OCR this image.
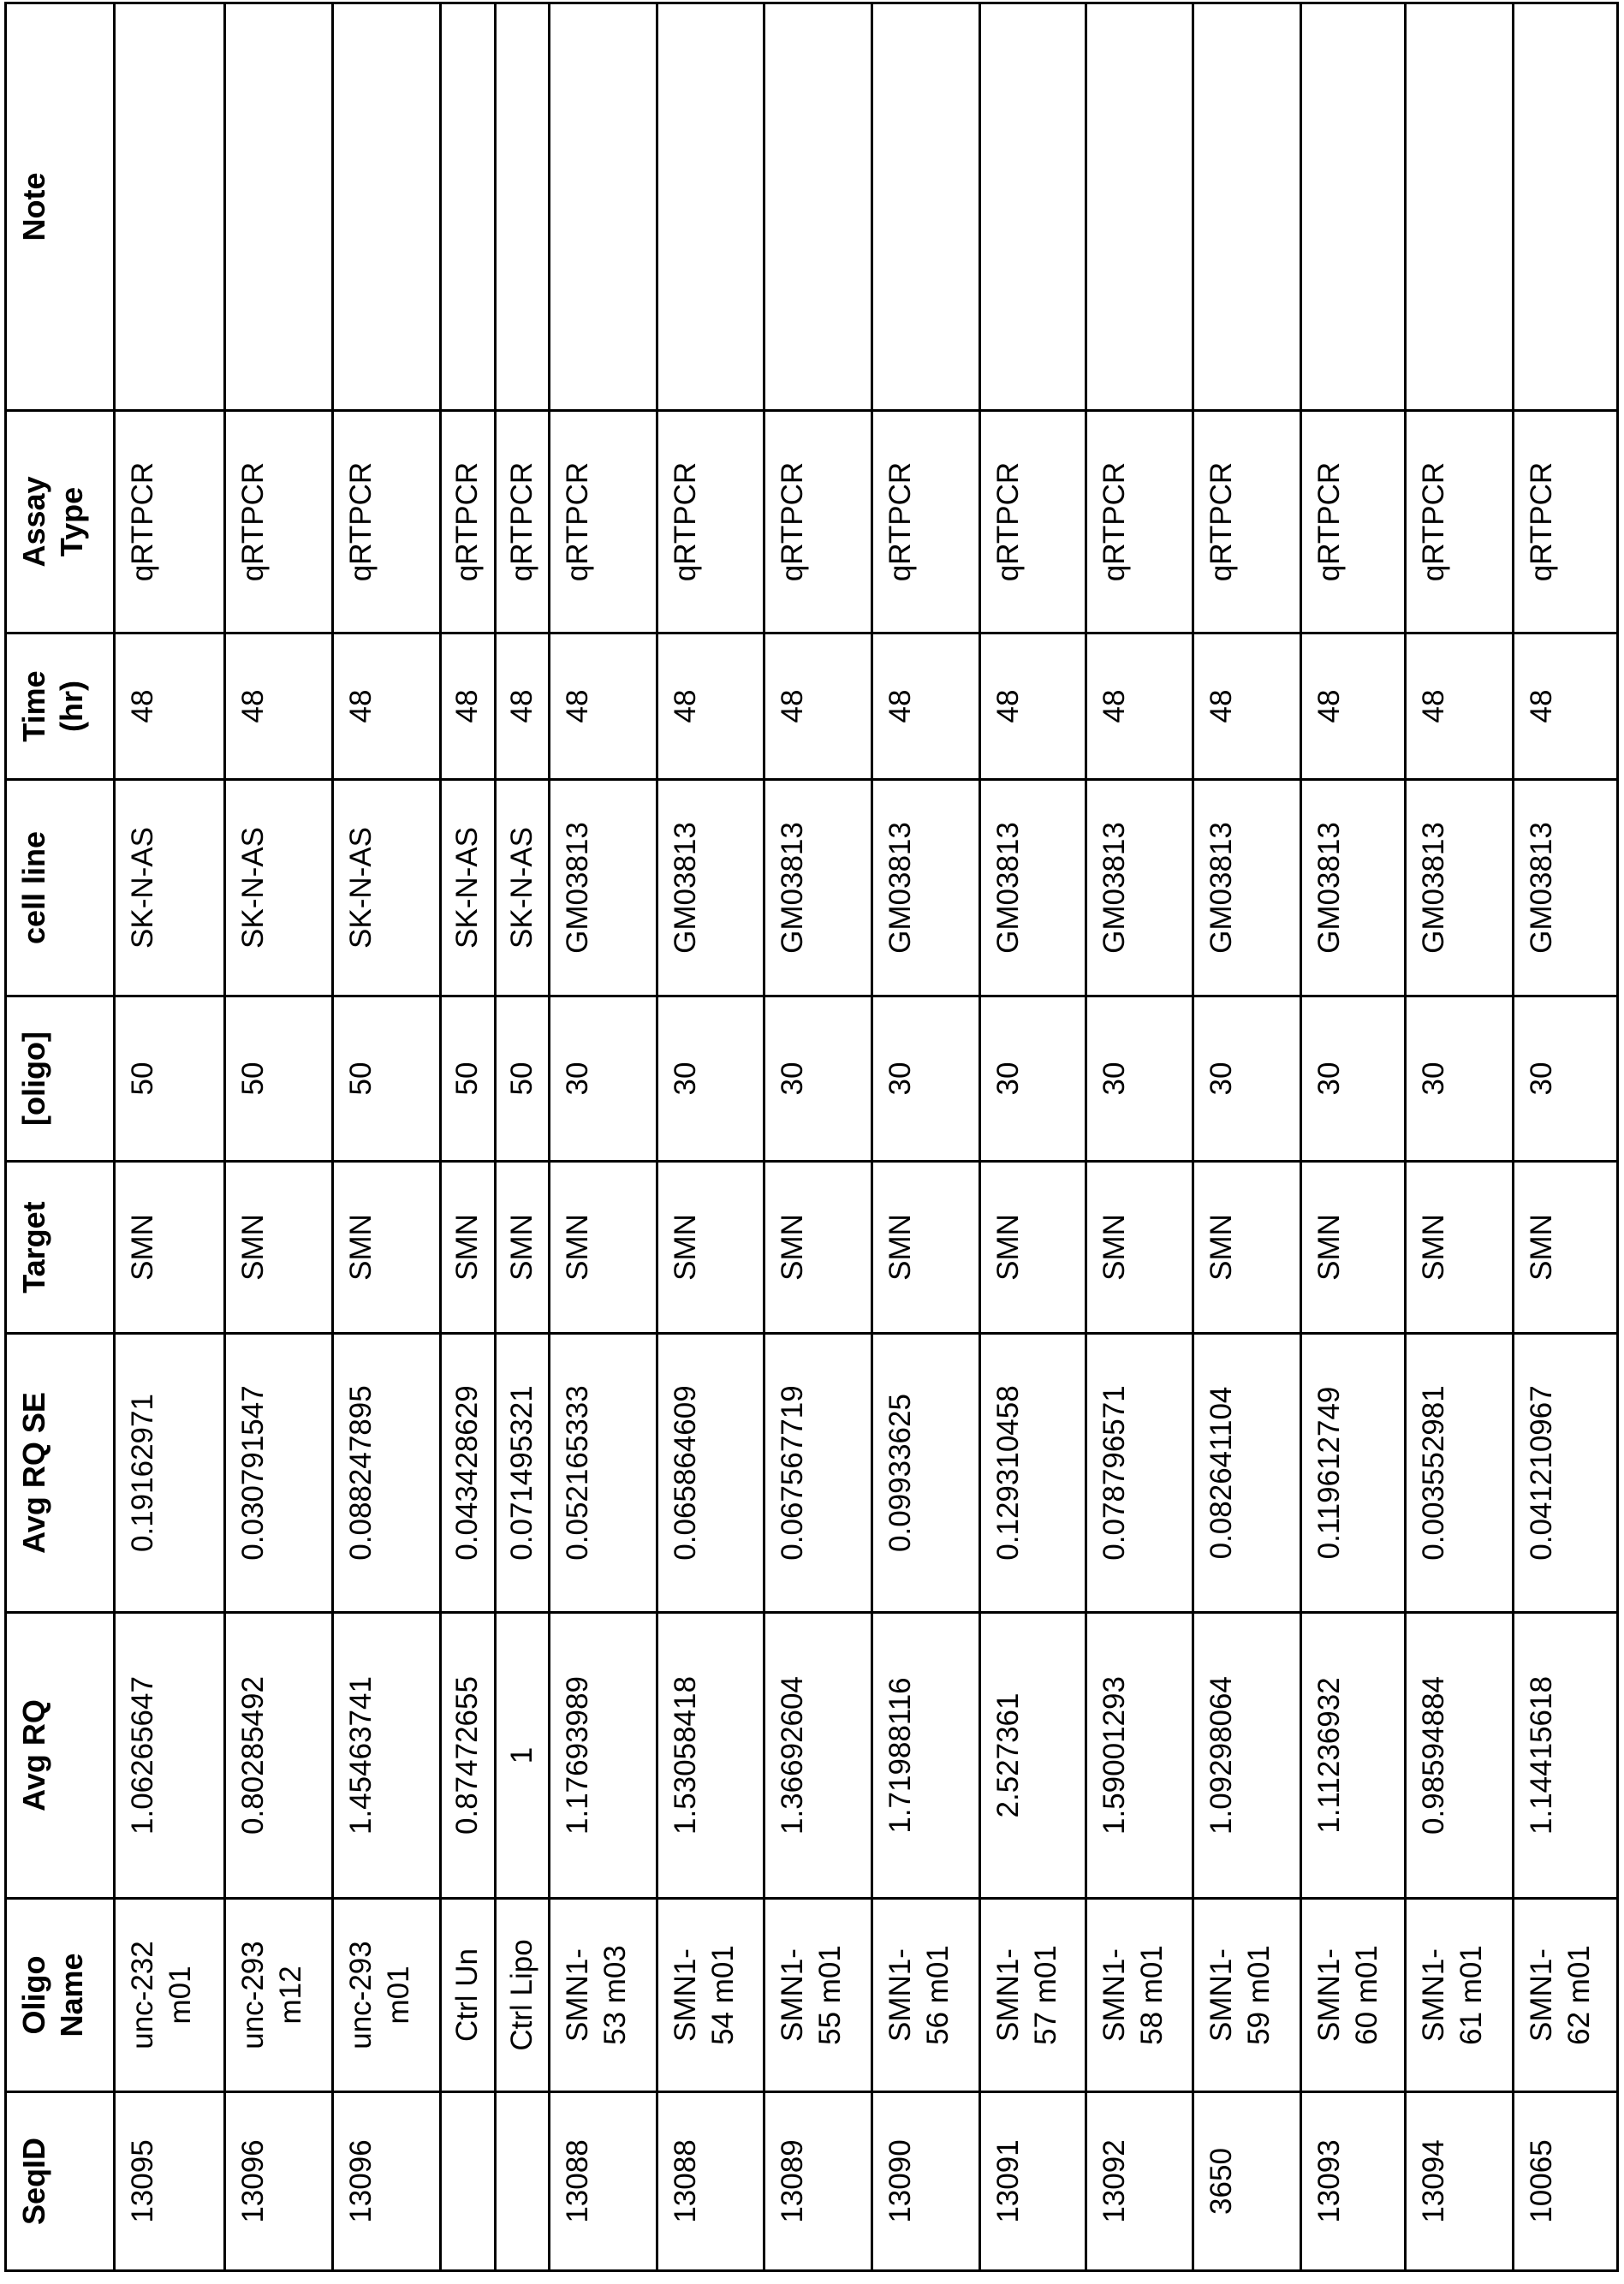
SeqID	Oligo Name	Avg RQ	Avg RQ SE	Target	[oligo]	cell line	Time (hr)	Assay Type	Note
13095	unc-232 m01	1.06265647	0.19162971	SMN	50	SK-N-AS	48	qRTPCR	
13096	unc-293 m12	0.80285492	0.030791547	SMN	50	SK-N-AS	48	qRTPCR	
13096	unc-293 m01	1.45463741	0.088247895	SMN	50	SK-N-AS	48	qRTPCR	
	Ctrl Un	0.87472655	0.043428629	SMN	50	SK-N-AS	48	qRTPCR	
	Ctrl Lipo	1	0.071495321	SMN	50	SK-N-AS	48	qRTPCR	
13088	SMN1-53 m03	1.17693989	0.052165333	SMN	30	GM03813	48	qRTPCR	
13088	SMN1-54 m01	1.53058418	0.065864609	SMN	30	GM03813	48	qRTPCR	
13089	SMN1-55 m01	1.36692604	0.067567719	SMN	30	GM03813	48	qRTPCR	
13090	SMN1-56 m01	1.71988116	0.09933625	SMN	30	GM03813	48	qRTPCR	
13091	SMN1-57 m01	2.527361	0.129310458	SMN	30	GM03813	48	qRTPCR	
13092	SMN1-58 m01	1.59001293	0.078796571	SMN	30	GM03813	48	qRTPCR	
3650	SMN1-59 m01	1.09298064	0.082641104	SMN	30	GM03813	48	qRTPCR	
13093	SMN1-60 m01	1.11236932	0.119612749	SMN	30	GM03813	48	qRTPCR	
13094	SMN1-61 m01	0.98594884	0.003552981	SMN	30	GM03813	48	qRTPCR	
10065	SMN1-62 m01	1.14415618	0.041210967	SMN	30	GM03813	48	qRTPCR	
